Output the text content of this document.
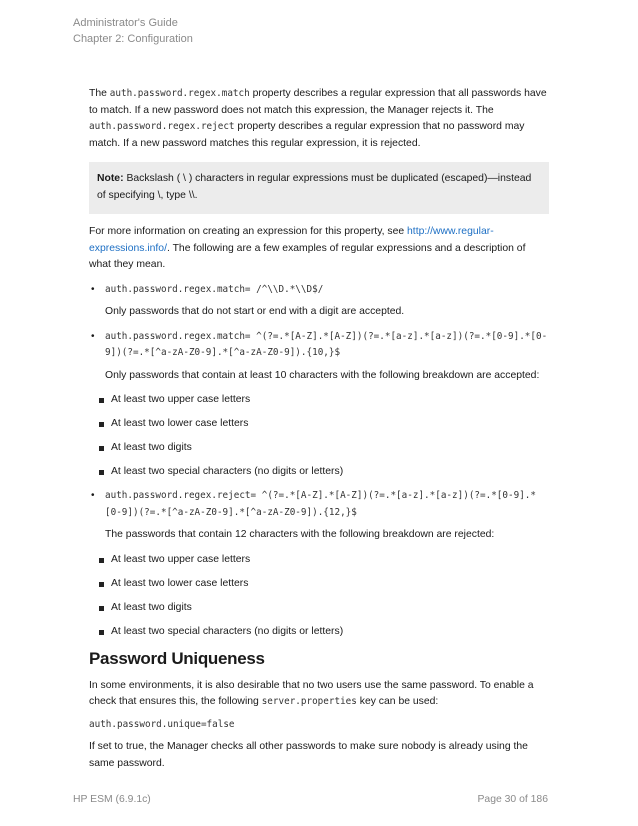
Administrator's Guide
Chapter 2: Configuration

The auth.password.regex.match property describes a regular expression that all passwords have to match. If a new password does not match this expression, the Manager rejects it. The auth.password.regex.reject property describes a regular expression that no password may match. If a new password matches this regular expression, it is rejected.

Note: Backslash ( \ ) characters in regular expressions must be duplicated (escaped)—instead of specifying \, type \\.

For more information on creating an expression for this property, see http://www.regular-expressions.info/. The following are a few examples of regular expressions and a description of what they mean.

• auth.password.regex.match= /^\\D.*\\D$/

Only passwords that do not start or end with a digit are accepted.

• auth.password.regex.match= ^(?=.*[A-Z].*[A-Z])(?=.*[a-z].*[a-z])(?=.*[0-9].*[0-9])(?=.*[^a-zA-Z0-9].*[^a-zA-Z0-9]).{10,}$

Only passwords that contain at least 10 characters with the following breakdown are accepted:

At least two upper case letters
At least two lower case letters
At least two digits
At least two special characters (no digits or letters)
• auth.password.regex.reject= ^(?=.*[A-Z].*[A-Z])(?=.*[a-z].*[a-z])(?=.*[0-9].*[0-9])(?=.*[^a-zA-Z0-9].*[^a-zA-Z0-9]).{12,}$

The passwords that contain 12 characters with the following breakdown are rejected:

At least two upper case letters
At least two lower case letters
At least two digits
At least two special characters (no digits or letters)
Password Uniqueness

In some environments, it is also desirable that no two users use the same password. To enable a check that ensures this, the following server.properties key can be used:

auth.password.unique=false

If set to true, the Manager checks all other passwords to make sure nobody is already using the same password.

HP ESM (6.9.1c)	Page 30 of 186
